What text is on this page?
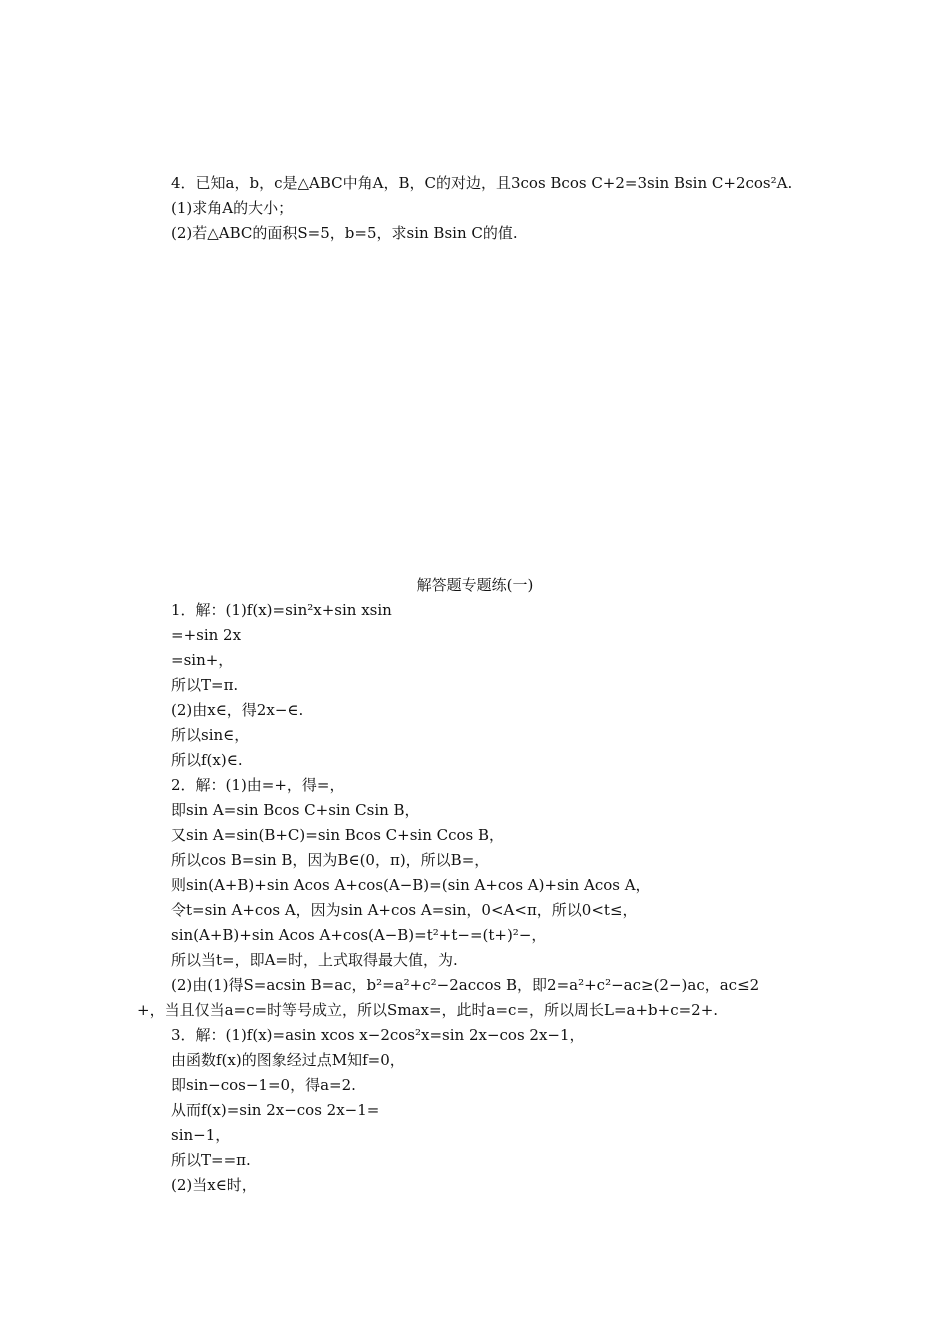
4．已知a，b，c是△ABC中角A，B，C的对边，且3cos Bcos C+2=3sin Bsin C+2cos²A.
(1)求角A的大小；
(2)若△ABC的面积S=5，b=5，求sin Bsin C的值.
解答题专题练(一)
1．解：(1)f(x)=sin²x+sin xsin
=+sin 2x
=sin+，
所以T=π.
(2)由x∈，得2x−∈.
所以sin∈，
所以f(x)∈.
2．解：(1)由=+，得=，
即sin A=sin Bcos C+sin Csin B，
又sin A=sin(B+C)=sin Bcos C+sin Ccos B，
所以cos B=sin B，因为B∈(0，π)，所以B=，
则sin(A+B)+sin Acos A+cos(A−B)=(sin A+cos A)+sin Acos A，
令t=sin A+cos A，因为sin A+cos A=sin，0<A<π，所以0<t≤，
sin(A+B)+sin Acos A+cos(A−B)=t²+t−=(t+)²−，
所以当t=，即A=时，上式取得最大值，为.
(2)由(1)得S=acsin B=ac，b²=a²+c²−2accos B，即2=a²+c²−ac≥(2−)ac，ac≤2
+，当且仅当a=c=时等号成立，所以Smax=，此时a=c=，所以周长L=a+b+c=2+.
3．解：(1)f(x)=asin xcos x−2cos²x=sin 2x−cos 2x−1，
由函数f(x)的图象经过点M知f=0，
即sin−cos−1=0，得a=2.
从而f(x)=sin 2x−cos 2x−1=
sin−1，
所以T==π.
(2)当x∈时，
